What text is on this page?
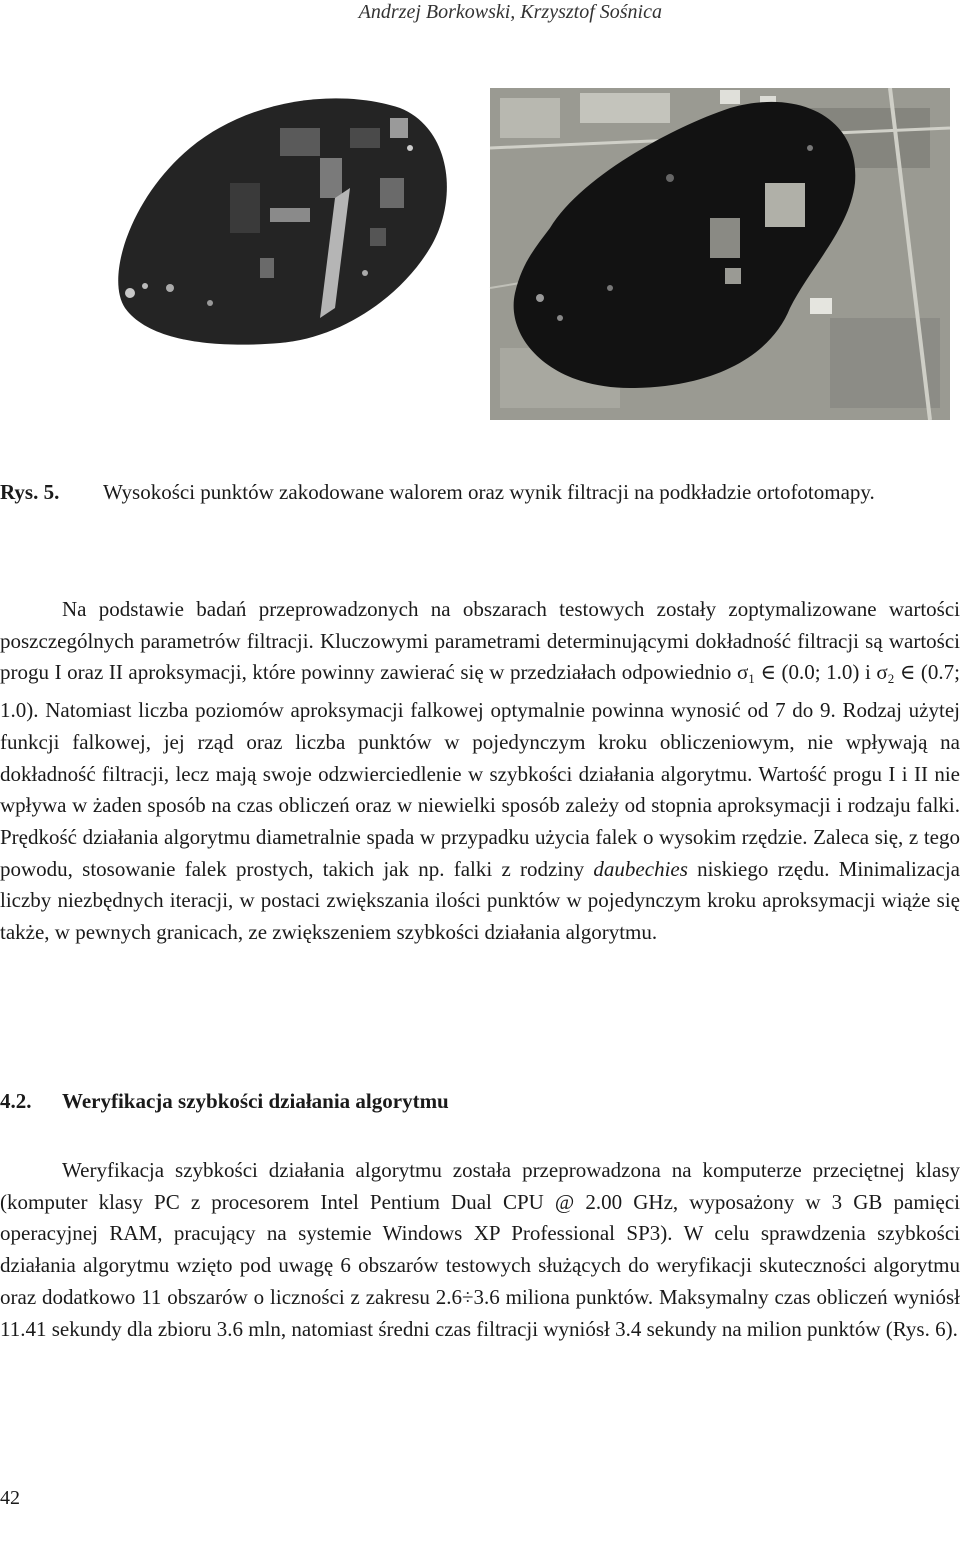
Andrzej Borkowski, Krzysztof Sośnica
Rys. 5. Wysokości punktów zakodowane walorem oraz wynik filtracji na podkładzie ortofotomapy.
Na podstawie badań przeprowadzonych na obszarach testowych zostały zoptymalizowane wartości poszczególnych parametrów filtracji. Kluczowymi parametrami determinującymi dokładność filtracji są wartości progu I oraz II aproksymacji, które powinny zawierać się w przedziałach odpowiednio $\sigma_1$ ∈ (0.0; 1.0) i $\sigma_2$ ∈ (0.7; 1.0). Natomiast liczba poziomów aproksymacji falkowej optymalnie powinna wynosić od 7 do 9. Rodzaj użytej funkcji falkowej, jej rząd oraz liczba punktów w pojedynczym kroku obliczeniowym, nie wpływają na dokładność filtracji, lecz mają swoje odzwierciedlenie w szybkości działania algorytmu. Wartość progu I i II nie wpływa w żaden sposób na czas obliczeń oraz w niewielki sposób zależy od stopnia aproksymacji i rodzaju falki. Prędkość działania algorytmu diametralnie spada w przypadku użycia falek o wysokim rzędzie. Zaleca się, z tego powodu, stosowanie falek prostych, takich jak np. falki z rodziny daubechies niskiego rzędu. Minimalizacja liczby niezbędnych iteracji, w postaci zwiększania ilości punktów w pojedynczym kroku aproksymacji wiąże się także, w pewnych granicach, ze zwiększeniem szybkości działania algorytmu.
4.2. Weryfikacja szybkości działania algorytmu
Weryfikacja szybkości działania algorytmu została przeprowadzona na komputerze przeciętnej klasy (komputer klasy PC z procesorem Intel Pentium Dual CPU @ 2.00 GHz, wyposażony w 3 GB pamięci operacyjnej RAM, pracujący na systemie Windows XP Professional SP3). W celu sprawdzenia szybkości działania algorytmu wzięto pod uwagę 6 obszarów testowych służących do weryfikacji skuteczności algorytmu oraz dodatkowo 11 obszarów o liczności z zakresu 2.6÷3.6 miliona punktów. Maksymalny czas obliczeń wyniósł 11.41 sekundy dla zbioru 3.6 mln, natomiast średni czas filtracji wyniósł 3.4 sekundy na milion punktów (Rys. 6).
42
